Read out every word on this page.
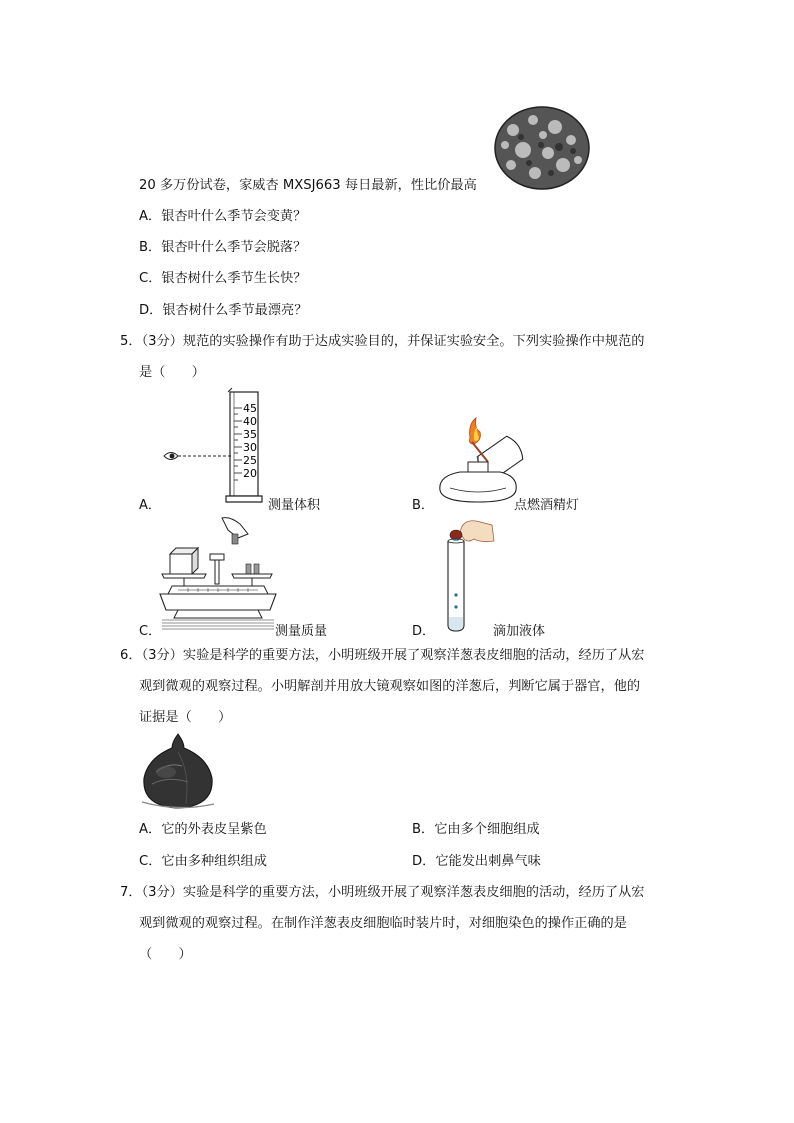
20 多万份试卷，家威杏 MXSJ663 每日最新，性比价最高
A．银杏叶什么季节会变黄？
B．银杏叶什么季节会脱落？
C．银杏树什么季节生长快？
D．银杏树什么季节最漂亮？
5．（3分）规范的实验操作有助于达成实验目的，并保证实验安全。下列实验操作中规范的
是（　　）
45
40
35
30
25
20
A．	测量体积	B．	点燃酒精灯
C．	测量质量	D．	滴加液体
6．（3分）实验是科学的重要方法，小明班级开展了观察洋葱表皮细胞的活动，经历了从宏
观到微观的观察过程。小明解剖并用放大镜观察如图的洋葱后，判断它属于器官，他的
证据是（　　）
A．它的外表皮呈紫色	B．它由多个细胞组成
C．它由多种组织组成	D．它能发出刺鼻气味
7．（3分）实验是科学的重要方法，小明班级开展了观察洋葱表皮细胞的活动，经历了从宏
观到微观的观察过程。在制作洋葱表皮细胞临时装片时，对细胞染色的操作正确的是
（　　）
